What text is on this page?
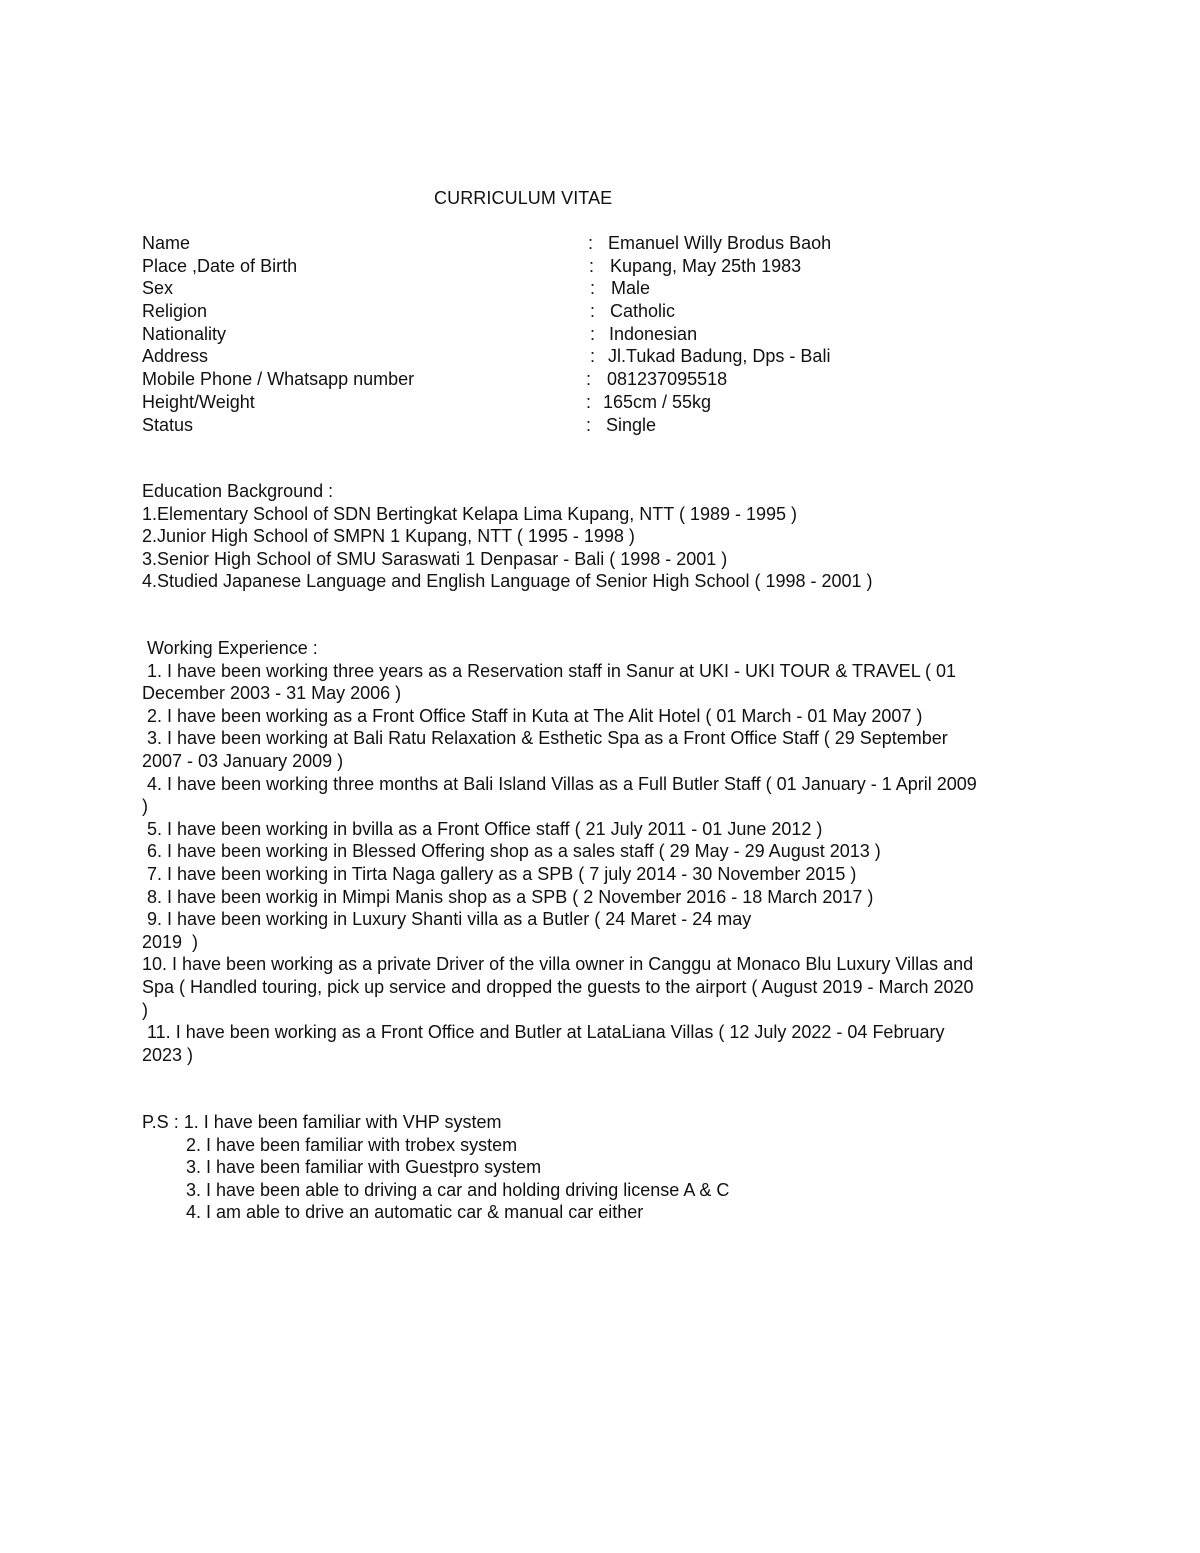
CURRICULUM VITAE
Name	: Emanuel Willy Brodus Baoh
Place ,Date of Birth	: Kupang, May 25th 1983
Sex	: Male
Religion	: Catholic
Nationality	: Indonesian
Address	: Jl.Tukad Badung, Dps - Bali
Mobile Phone / Whatsapp number	: 081237095518
Height/Weight	: 165cm / 55kg
Status	: Single
Education Background :
1.Elementary School of SDN Bertingkat Kelapa Lima Kupang, NTT ( 1989 - 1995 )
2.Junior High School of SMPN 1 Kupang, NTT ( 1995 - 1998 )
3.Senior High School of SMU Saraswati 1 Denpasar - Bali ( 1998 - 2001 )
4.Studied Japanese Language and English Language of Senior High School ( 1998 - 2001 )
Working Experience :
1. I have been working three years as a Reservation staff in Sanur at UKI - UKI TOUR & TRAVEL ( 01
December 2003 - 31 May 2006 )
2. I have been working as a Front Office Staff in Kuta at The Alit Hotel ( 01 March - 01 May 2007 )
3. I have been working at Bali Ratu Relaxation & Esthetic Spa as a Front Office Staff ( 29 September
2007 - 03 January 2009 )
4. I have been working three months at Bali Island Villas as a Full Butler Staff ( 01 January - 1 April 2009
)
5. I have been working in bvilla as a Front Office staff ( 21 July 2011 - 01 June 2012 )
6. I have been working in Blessed Offering shop as a sales staff ( 29 May - 29 August 2013 )
7. I have been working in Tirta Naga gallery as a SPB ( 7 july 2014 - 30 November 2015 )
8. I have been workig in Mimpi Manis shop as a SPB ( 2 November 2016 - 18 March 2017 )
9. I have been working in Luxury Shanti villa as a Butler ( 24 Maret - 24 may
2019  )
10. I have been working as a private Driver of the villa owner in Canggu at Monaco Blu Luxury Villas and
Spa ( Handled touring, pick up service and dropped the guests to the airport ( August 2019 - March 2020
)
11. I have been working as a Front Office and Butler at LataLiana Villas ( 12 July 2022 - 04 February
2023 )
P.S : 1. I have been familiar with VHP system
2. I have been familiar with trobex system
3. I have been familiar with Guestpro system
3. I have been able to driving a car and holding driving license A & C
4. I am able to drive an automatic car & manual car either
